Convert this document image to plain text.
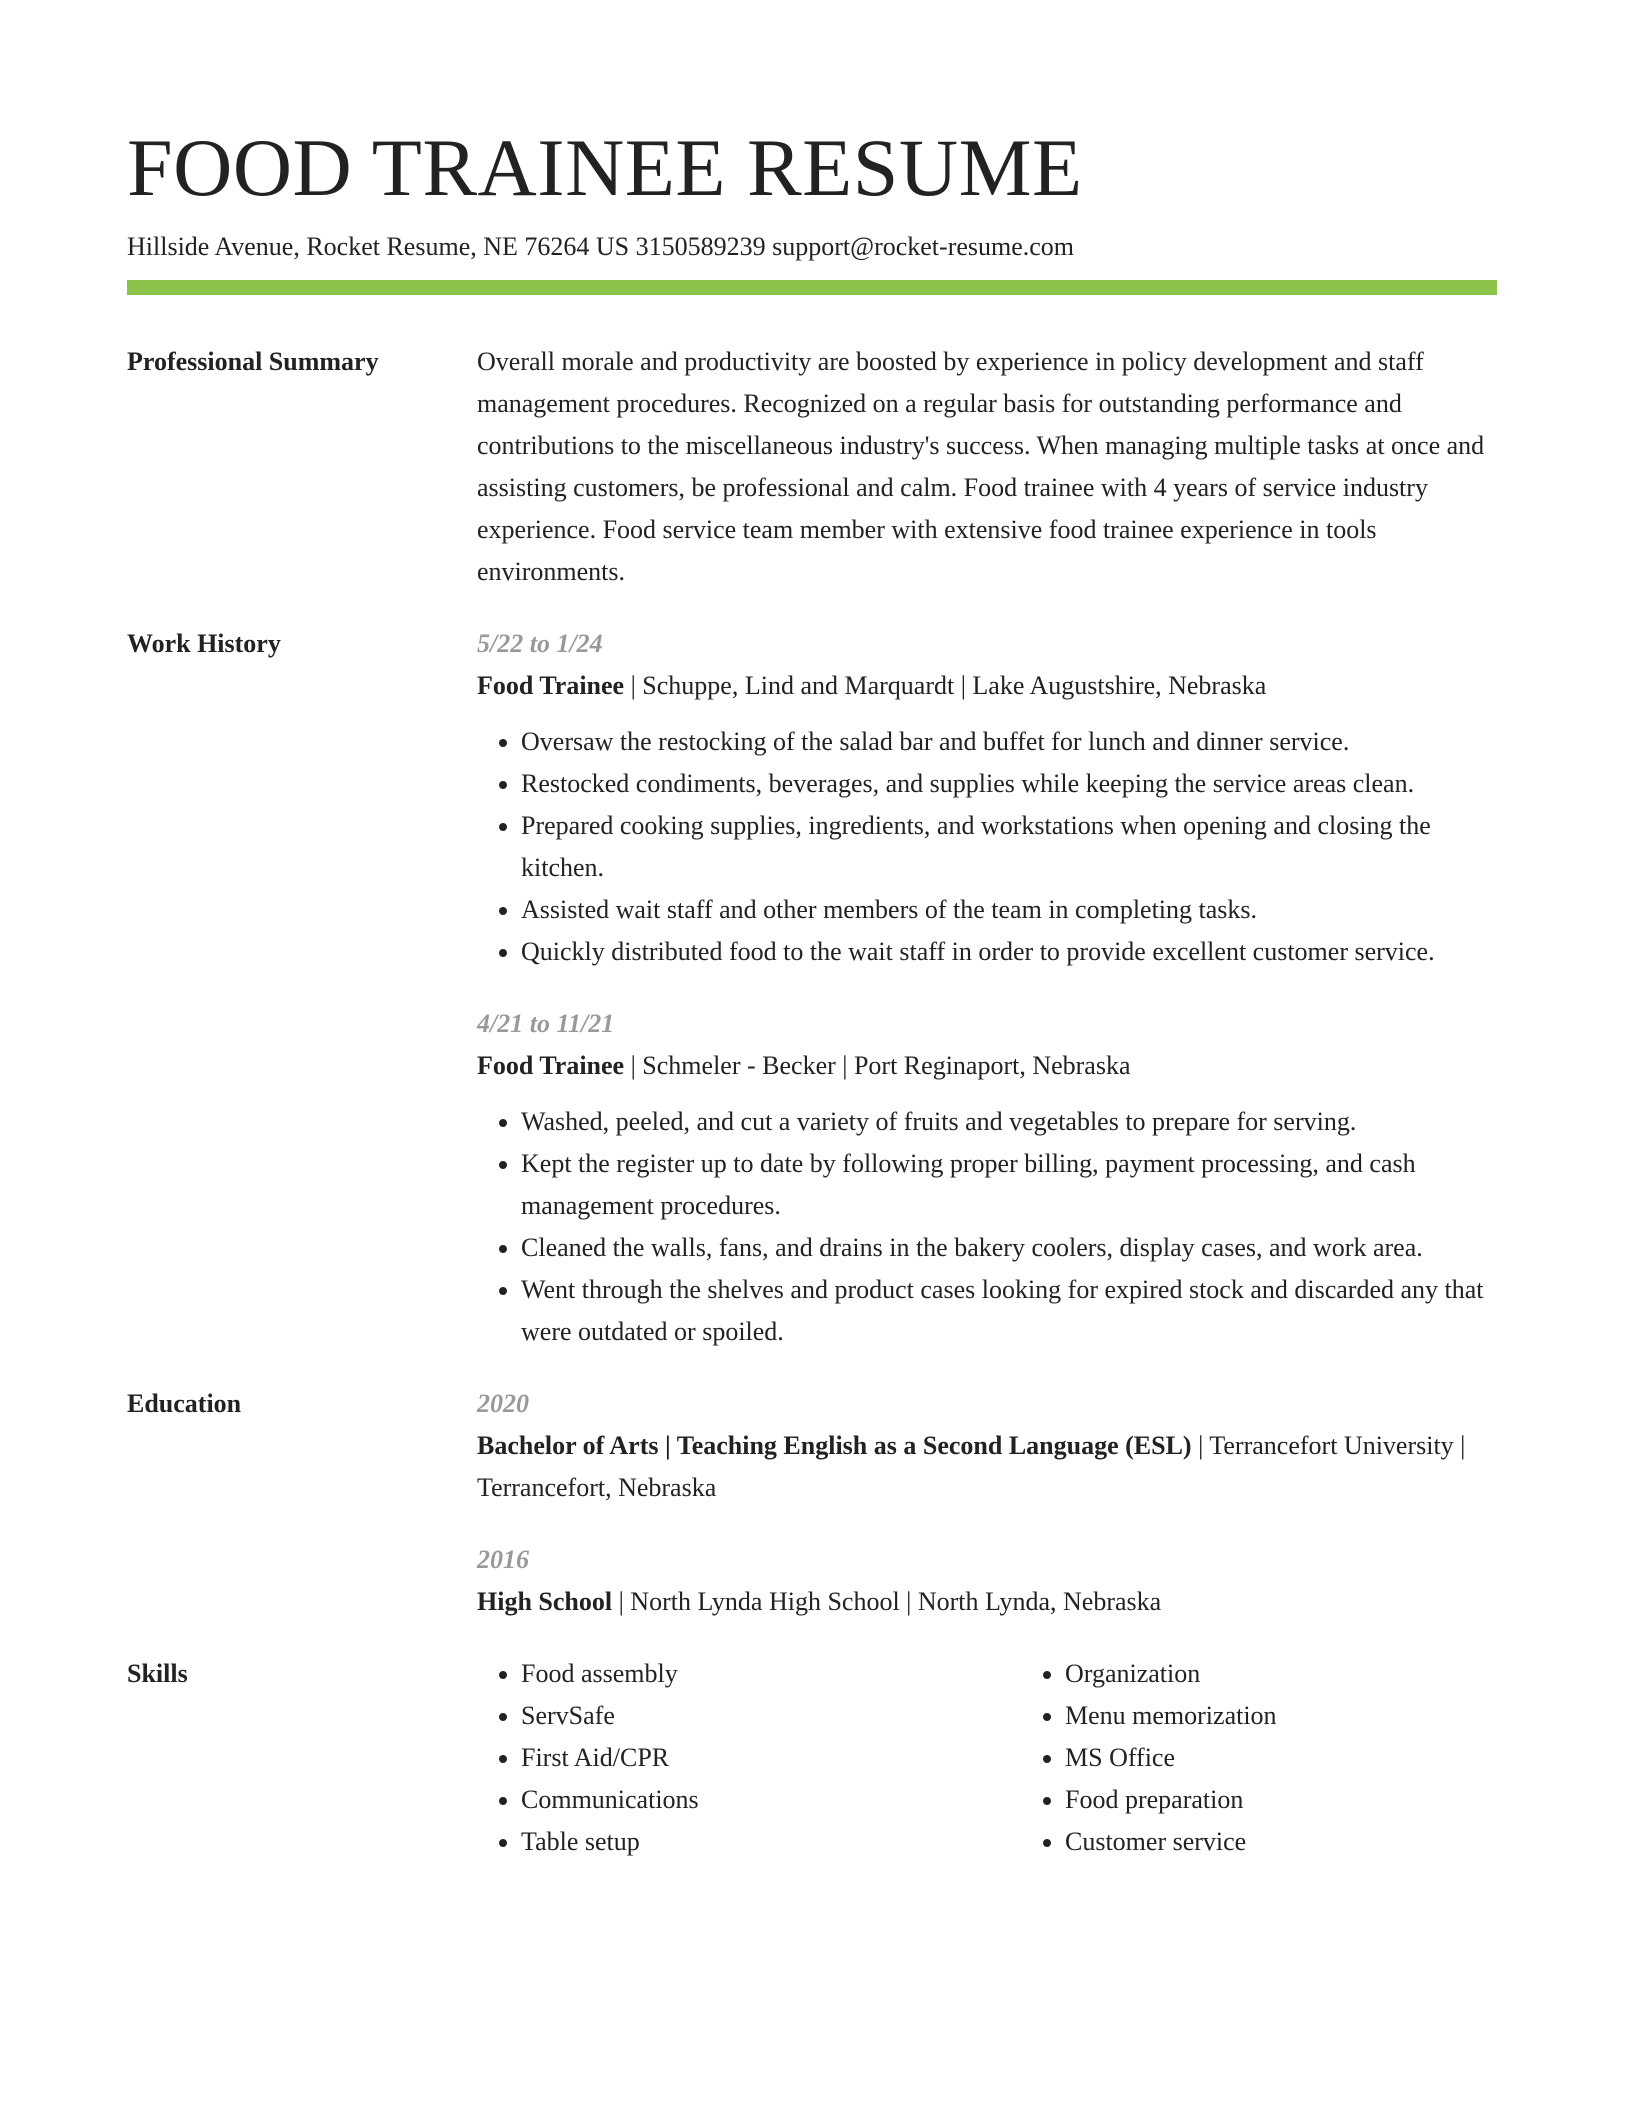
FOOD TRAINEE RESUME
Hillside Avenue, Rocket Resume, NE 76264 US 3150589239 support@rocket-resume.com
Professional Summary	Overall morale and productivity are boosted by experience in policy development and staff management procedures. Recognized on a regular basis for outstanding performance and contributions to the miscellaneous industry's success. When managing multiple tasks at once and assisting customers, be professional and calm. Food trainee with 4 years of service industry experience. Food service team member with extensive food trainee experience in tools environments.
Work History	5/22 to 1/24
Food Trainee | Schuppe, Lind and Marquardt | Lake Augustshire, Nebraska
• Oversaw the restocking of the salad bar and buffet for lunch and dinner service.
• Restocked condiments, beverages, and supplies while keeping the service areas clean.
• Prepared cooking supplies, ingredients, and workstations when opening and closing the kitchen.
• Assisted wait staff and other members of the team in completing tasks.
• Quickly distributed food to the wait staff in order to provide excellent customer service.
4/21 to 11/21
Food Trainee | Schmeler - Becker | Port Reginaport, Nebraska
• Washed, peeled, and cut a variety of fruits and vegetables to prepare for serving.
• Kept the register up to date by following proper billing, payment processing, and cash management procedures.
• Cleaned the walls, fans, and drains in the bakery coolers, display cases, and work area.
• Went through the shelves and product cases looking for expired stock and discarded any that were outdated or spoiled.
Education	2020
Bachelor of Arts | Teaching English as a Second Language (ESL) | Terrancefort University | Terrancefort, Nebraska
2016
High School | North Lynda High School | North Lynda, Nebraska
Skills
•	Food assembly
• ServSafe
• First Aid/CPR
• Communications
• Table setup
• Organization
• Menu memorization
• MS Office
• Food preparation
• Customer service
